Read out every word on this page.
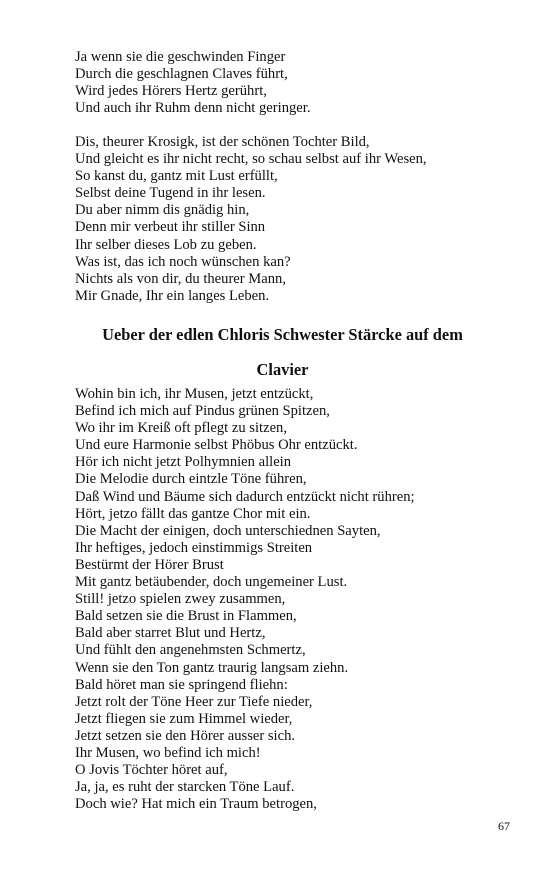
Ja wenn sie die geschwinden Finger
Durch die geschlagnen Claves führt,
Wird jedes Hörers Hertz gerührt,
Und auch ihr Ruhm denn nicht geringer.
Dis, theurer Krosigk, ist der schönen Tochter Bild,
Und gleicht es ihr nicht recht, so schau selbst auf ihr Wesen,
So kanst du, gantz mit Lust erfüllt,
Selbst deine Tugend in ihr lesen.
Du aber nimm dis gnädig hin,
Denn mir verbeut ihr stiller Sinn
Ihr selber dieses Lob zu geben.
Was ist, das ich noch wünschen kan?
Nichts als von dir, du theurer Mann,
Mir Gnade, Ihr ein langes Leben.
Ueber der edlen Chloris Schwester Stärcke auf dem
Clavier
Wohin bin ich, ihr Musen, jetzt entzückt,
Befind ich mich auf Pindus grünen Spitzen,
Wo ihr im Kreiß oft pflegt zu sitzen,
Und eure Harmonie selbst Phöbus Ohr entzückt.
Hör ich nicht jetzt Polhymnien allein
Die Melodie durch eintzle Töne führen,
Daß Wind und Bäume sich dadurch entzückt nicht rühren;
Hört, jetzo fällt das gantze Chor mit ein.
Die Macht der einigen, doch unterschiednen Sayten,
Ihr heftiges, jedoch einstimmigs Streiten
Bestürmt der Hörer Brust
Mit gantz betäubender, doch ungemeiner Lust.
Still! jetzo spielen zwey zusammen,
Bald setzen sie die Brust in Flammen,
Bald aber starret Blut und Hertz,
Und fühlt den angenehmsten Schmertz,
Wenn sie den Ton gantz traurig langsam ziehn.
Bald höret man sie springend fliehn:
Jetzt rolt der Töne Heer zur Tiefe nieder,
Jetzt fliegen sie zum Himmel wieder,
Jetzt setzen sie den Hörer ausser sich.
Ihr Musen, wo befind ich mich!
O Jovis Töchter höret auf,
Ja, ja, es ruht der starcken Töne Lauf.
Doch wie? Hat mich ein Traum betrogen,
67
